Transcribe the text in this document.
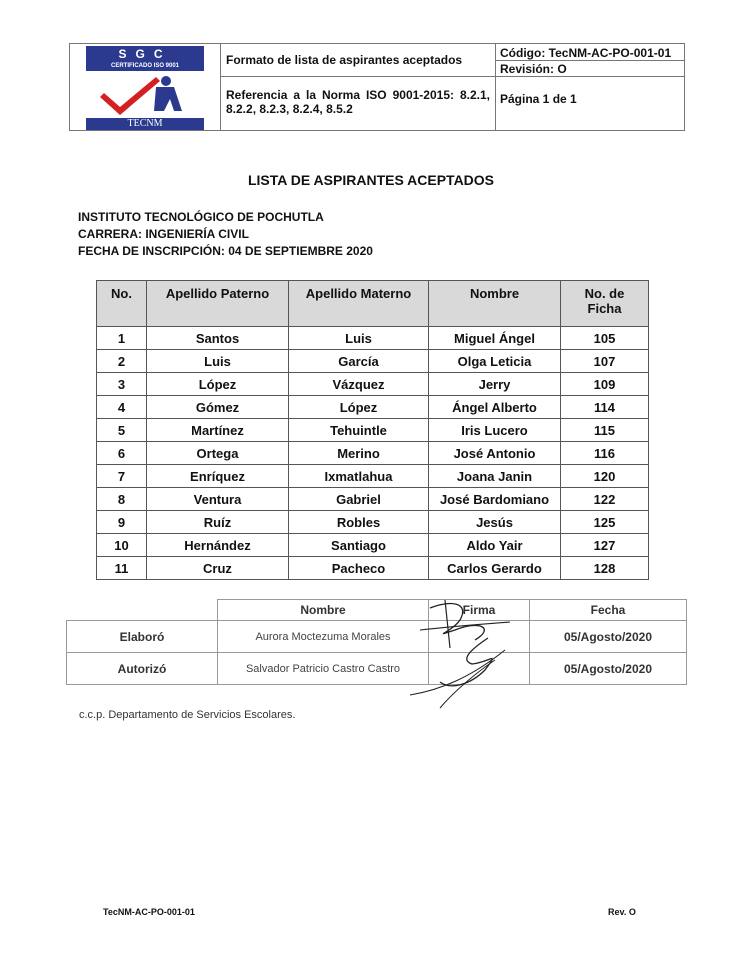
SGC
CERTIFICADO ISO 9001
TECNM
Formato de lista de aspirantes aceptados	Código: TecNM-AC-PO-001-01
Revisión: O
Referencia a la Norma ISO 9001-2015: 8.2.1, 8.2.2, 8.2.3, 8.2.4, 8.5.2
Página 1 de 1
LISTA DE ASPIRANTES ACEPTADOS
INSTITUTO TECNOLÓGICO DE POCHUTLA
CARRERA: INGENIERÍA CIVIL
FECHA DE INSCRIPCIÓN: 04 DE SEPTIEMBRE 2020
No.	Apellido Paterno	Apellido Materno	Nombre	No. de Ficha
1	Santos	Luis	Miguel Ángel	105
2	Luis	García	Olga Leticia	107
3	López	Vázquez	Jerry	109
4	Gómez	López	Ángel Alberto	114
5	Martínez	Tehuintle	Iris Lucero	115
6	Ortega	Merino	José Antonio	116
7	Enríquez	Ixmatlahua	Joana Janin	120
8	Ventura	Gabriel	José Bardomiano	122
9	Ruíz	Robles	Jesús	125
10	Hernández	Santiago	Aldo Yair	127
11	Cruz	Pacheco	Carlos Gerardo	128
	Nombre	Firma	Fecha
Elaboró	Aurora Moctezuma Morales		05/Agosto/2020
Autorizó	Salvador Patricio Castro Castro		05/Agosto/2020
c.c.p. Departamento de Servicios Escolares.
TecNM-AC-PO-001-01	Rev. O
